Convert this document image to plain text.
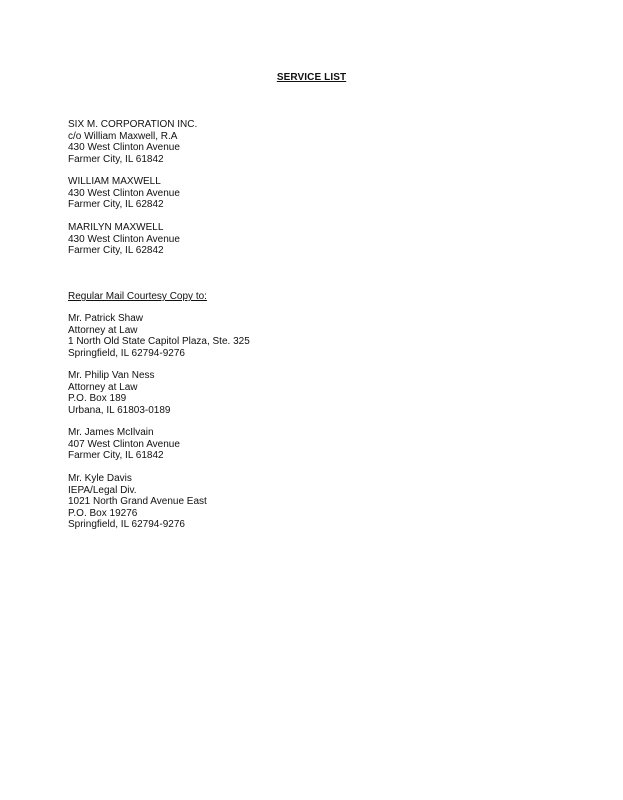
SERVICE LIST
SIX M. CORPORATION INC.
c/o William Maxwell, R.A
430 West Clinton Avenue
Farmer City, IL 61842
WILLIAM MAXWELL
430 West Clinton Avenue
Farmer City, IL 62842
MARILYN MAXWELL
430 West Clinton Avenue
Farmer City, IL 62842
Regular Mail Courtesy Copy to:
Mr. Patrick Shaw
Attorney at Law
1 North Old State Capitol Plaza, Ste. 325
Springfield, IL 62794-9276
Mr. Philip Van Ness
Attorney at Law
P.O. Box 189
Urbana, IL 61803-0189
Mr. James McIlvain
407 West Clinton Avenue
Farmer City, IL 61842
Mr. Kyle Davis
IEPA/Legal Div.
1021 North Grand Avenue East
P.O. Box 19276
Springfield, IL 62794-9276
